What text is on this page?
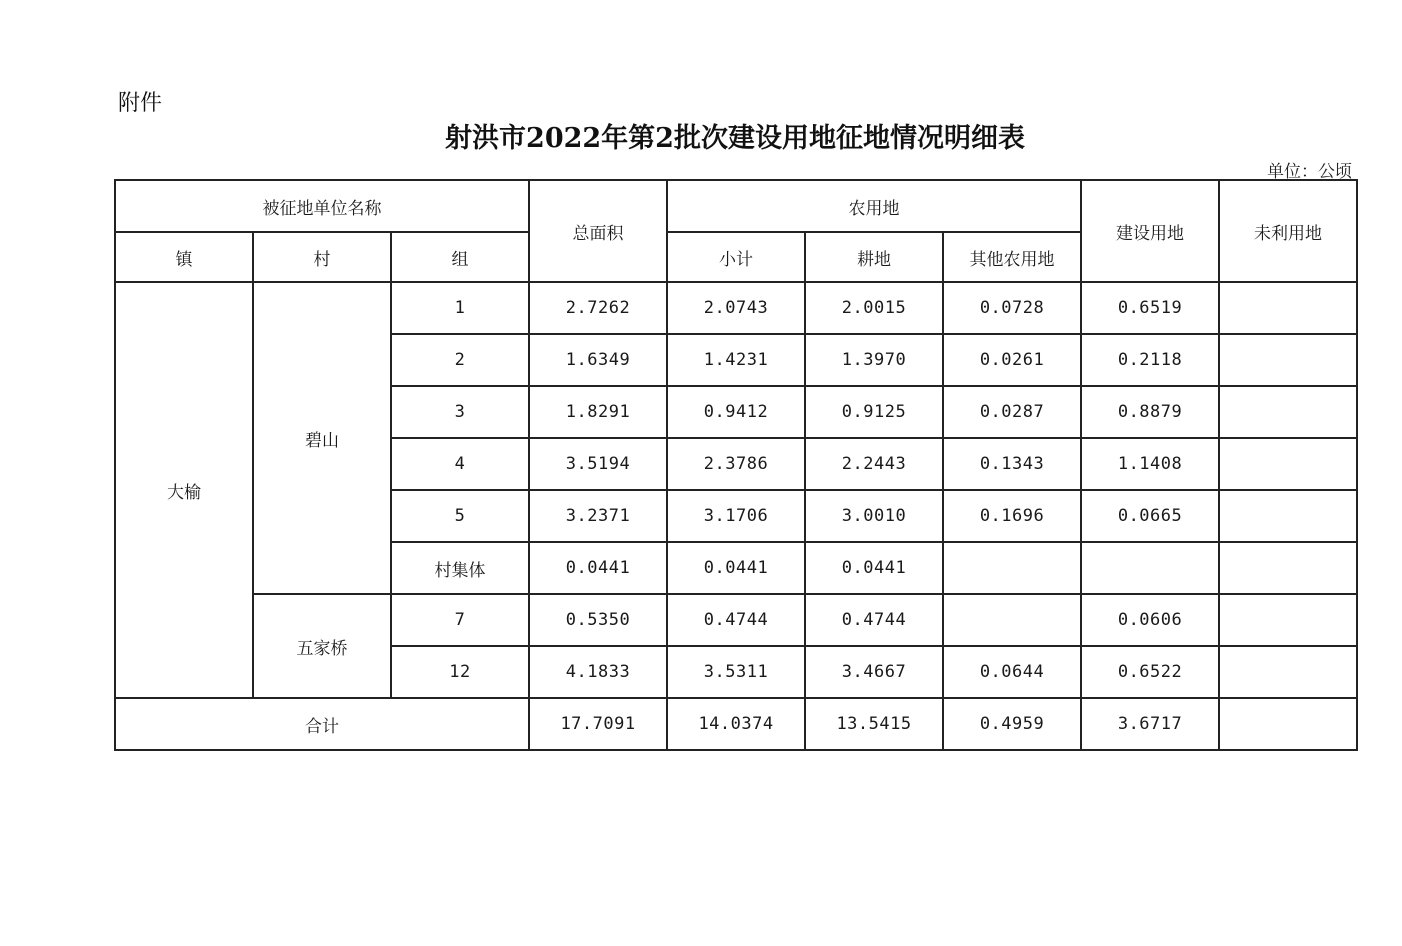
附件
射洪市2022年第2批次建设用地征地情况明细表
单位：公顷
被征地单位名称			总面积	农用地			建设用地	未利用地
镇	村	组		小计	耕地	其他农用地		
大榆	碧山	1	2.7262	2.0743	2.0015	0.0728	0.6519	
		2	1.6349	1.4231	1.3970	0.0261	0.2118	
		3	1.8291	0.9412	0.9125	0.0287	0.8879	
		4	3.5194	2.3786	2.2443	0.1343	1.1408	
		5	3.2371	3.1706	3.0010	0.1696	0.0665	
		村集体	0.0441	0.0441	0.0441			
	五家桥	7	0.5350	0.4744	0.4744		0.0606	
		12	4.1833	3.5311	3.4667	0.0644	0.6522	
合计			17.7091	14.0374	13.5415	0.4959	3.6717	
